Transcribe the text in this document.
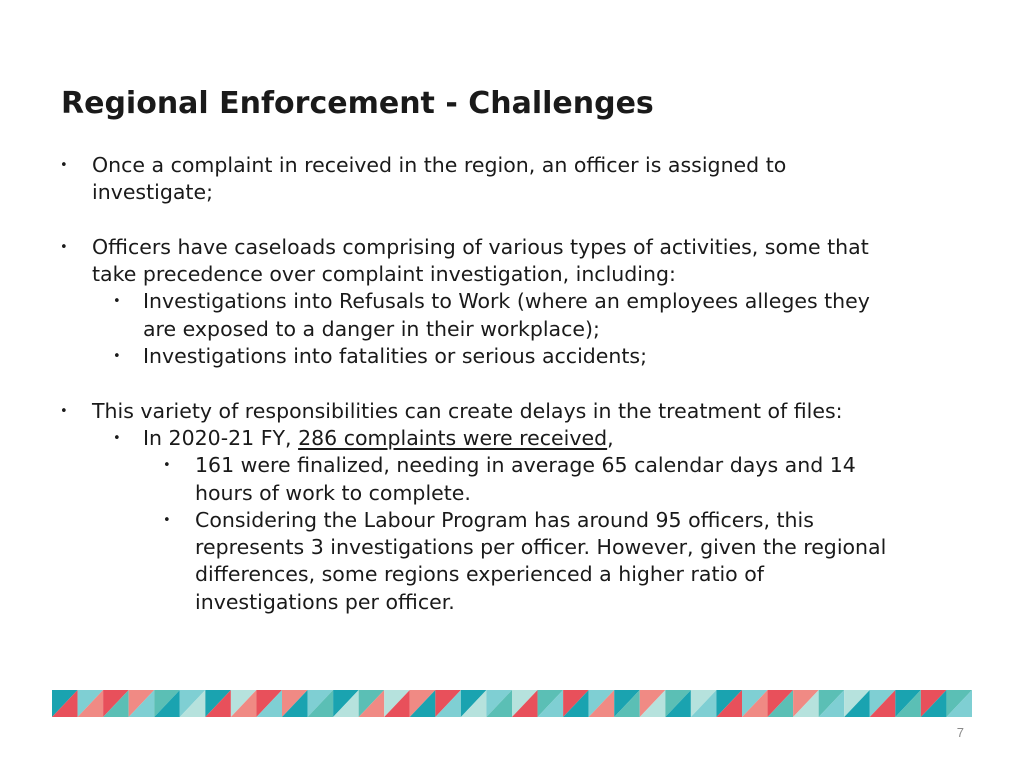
Regional Enforcement - Challenges

• Once a complaint in received in the region, an officer is assigned to
investigate;

• Officers have caseloads comprising of various types of activities, some that
take precedence over complaint investigation, including:

• Investigations into Refusals to Work (where an employees alleges they
are exposed to a danger in their workplace);

• Investigations into fatalities or serious accidents;

• This variety of responsibilities can create delays in the treatment of files:

• In 2020-21 FY, 286 complaints were received,

• 161 were finalized, needing in average 65 calendar days and 14
hours of work to complete.

• Considering the Labour Program has around 95 officers, this
represents 3 investigations per officer. However, given the regional
differences, some regions experienced a higher ratio of
investigations per officer.

7
